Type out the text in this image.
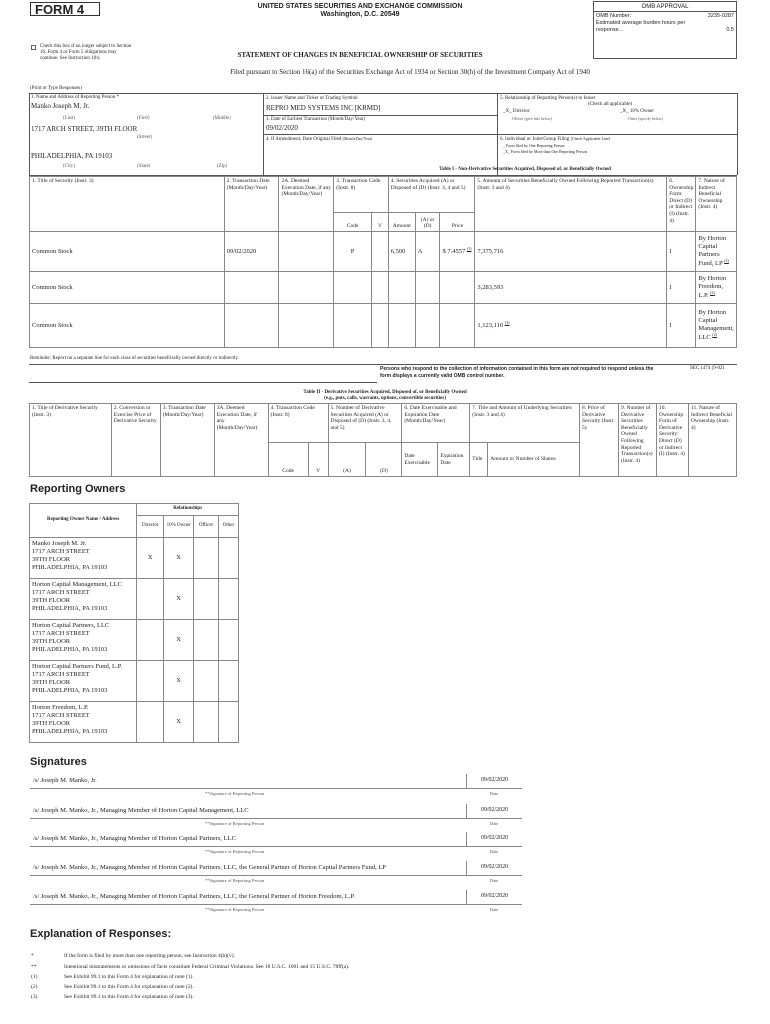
FORM 4
Check this box if no longer subject to Section 16. Form 4 or Form 5 obligations may continue. See Instruction 1(b).
UNITED STATES SECURITIES AND EXCHANGE COMMISSION
Washington, D.C. 20549
STATEMENT OF CHANGES IN BENEFICIAL OWNERSHIP OF SECURITIES
Filed pursuant to Section 16(a) of the Securities Exchange Act of 1934 or Section 30(h) of the Investment Company Act of 1940
OMB APPROVAL
OMB Number:	3235-0287
Estimated average burden hours per response...	0.5
(Print or Type Responses)
1. Name and Address of Reporting Person *
Manko Joseph M. Jr.
(Last)	(First)	(Middle)
1717 ARCH STREET, 39TH FLOOR
(Street)
PHILADELPHIA, PA 19103
(City)	(State)	(Zip)
2. Issuer Name and Ticker or Trading Symbol
REPRO MED SYSTEMS INC [KRMD]
3. Date of Earliest Transaction (Month/Day/Year)
09/02/2020
4. If Amendment, Date Original Filed (Month/Day/Year)
5. Relationship of Reporting Person(s) to Issuer
(Check all applicable)
_X_ Director	_X_ 10% Owner
Officer (give title below)	Other (specify below)
6. Individual or Joint/Group Filing (Check Applicable Line)
_ Form filed by One Reporting Person
_X_ Form filed by More than One Reporting Person
Table I - Non-Derivative Securities Acquired, Disposed of, or Beneficially Owned
1. Title of Security (Instr. 3)	2. Transaction Date (Month/Day/Year)	2A. Deemed Execution Date, if any (Month/Day/Year)	3. Transaction Code (Instr. 8)		4. Securities Acquired (A) or Disposed of (D) (Instr. 3, 4 and 5)			5. Amount of Securities Beneficially Owned Following Reported Transaction(s) (Instr. 3 and 4)	6. Ownership Form: Direct (D) or Indirect (I) (Instr. 4)	7. Nature of Indirect Beneficial Ownership (Instr. 4)
			Code	V	Amount	(A) or (D)	Price			
Common Stock	09/02/2020		P		6,500	A	$ 7.4557 $^{(1)}$	7,375,716	I	By Horton Capital Partners Fund, LP $^{(2)}$
Common Stock								3,283,593	I	By Horton Freedom, L.P. $^{(2)}$
Common Stock								1,123,110 $^{(3)}$	I	By Horton Capital Management, LLC $^{(2)}$
Reminder: Report on a separate line for each class of securities beneficially owned directly or indirectly.
Persons who respond to the collection of information contained in this form are not required to respond unless the form displays a currently valid OMB control number.
SEC 1474 (9-02)
Table II - Derivative Securities Acquired, Disposed of, or Beneficially Owned
(e.g., puts, calls, warrants, options, convertible securities)
1. Title of Derivative Security (Instr. 3)	2. Conversion or Exercise Price of Derivative Security	3. Transaction Date (Month/Day/Year)	3A. Deemed Execution Date, if any (Month/Day/Year)	4. Transaction Code (Instr. 8)		5. Number of Derivative Securities Acquired (A) or Disposed of (D) (Instr. 3, 4, and 5)		6. Date Exercisable and Expiration Date (Month/Day/Year)		7. Title and Amount of Underlying Securities (Instr. 3 and 4)		8. Price of Derivative Security (Instr. 5)	9. Number of Derivative Securities Beneficially Owned Following Reported Transaction(s) (Instr. 4)	10. Ownership Form of Derivative Security: Direct (D) or Indirect (I) (Instr. 4)	11. Nature of Indirect Beneficial Ownership (Instr. 4)
				Code	V	(A)	(D)	Date Exercisable	Expiration Date	Title	Amount or Number of Shares				
Reporting Owners
Reporting Owner Name / Address	Relationships			
	Director	10% Owner	Officer	Other

Manko Joseph M. Jr.
1717 ARCH STREET
39TH FLOOR
PHILADELPHIA, PA 19103	X	X		

Horton Capital Management, LLC
1717 ARCH STREET
39TH FLOOR
PHILADELPHIA, PA 19103		X		

Horton Capital Partners, LLC
1717 ARCH STREET
39TH FLOOR
PHILADELPHIA, PA 19103		X		

Horton Capital Partners Fund, L.P.
1717 ARCH STREET
39TH FLOOR
PHILADELPHIA, PA 19103		X		

Horton Freedom, L.P.
1717 ARCH STREET
39TH FLOOR
PHILADELPHIA, PA 19103		X		
Signatures
/s/ Joseph M. Manko, Jr.	09/02/2020
**Signature of Reporting Person	Date
/s/ Joseph M. Manko, Jr., Managing Member of Horton Capital Management, LLC	09/02/2020
**Signature of Reporting Person	Date
/s/ Joseph M. Manko, Jr., Managing Member of Horton Capital Partners, LLC	09/02/2020
**Signature of Reporting Person	Date
/s/ Joseph M. Manko, Jr., Managing Member of Horton Capital Partners, LLC, the General Partner of Horton Capital Partners Fund, LP	09/02/2020
**Signature of Reporting Person	Date
/s/ Joseph M. Manko, Jr., Managing Member of Horton Capital Partners, LLC, the General Partner of Horton Freedom, L.P.	09/02/2020
**Signature of Reporting Person	Date
Explanation of Responses:
*	If the form is filed by more than one reporting person, see Instruction 4(b)(v).
**	Intentional misstatements or omissions of facts constitute Federal Criminal Violations. See 18 U.S.C. 1001 and 15 U.S.C. 78ff(a).
(1)	See Exhibit 99.1 to this Form 4 for explanation of note (1).
(2)	See Exhibit 99.1 to this Form 4 for explanation of note (2).
(3)	See Exhibit 99.1 to this Form 4 for explanation of note (3).
